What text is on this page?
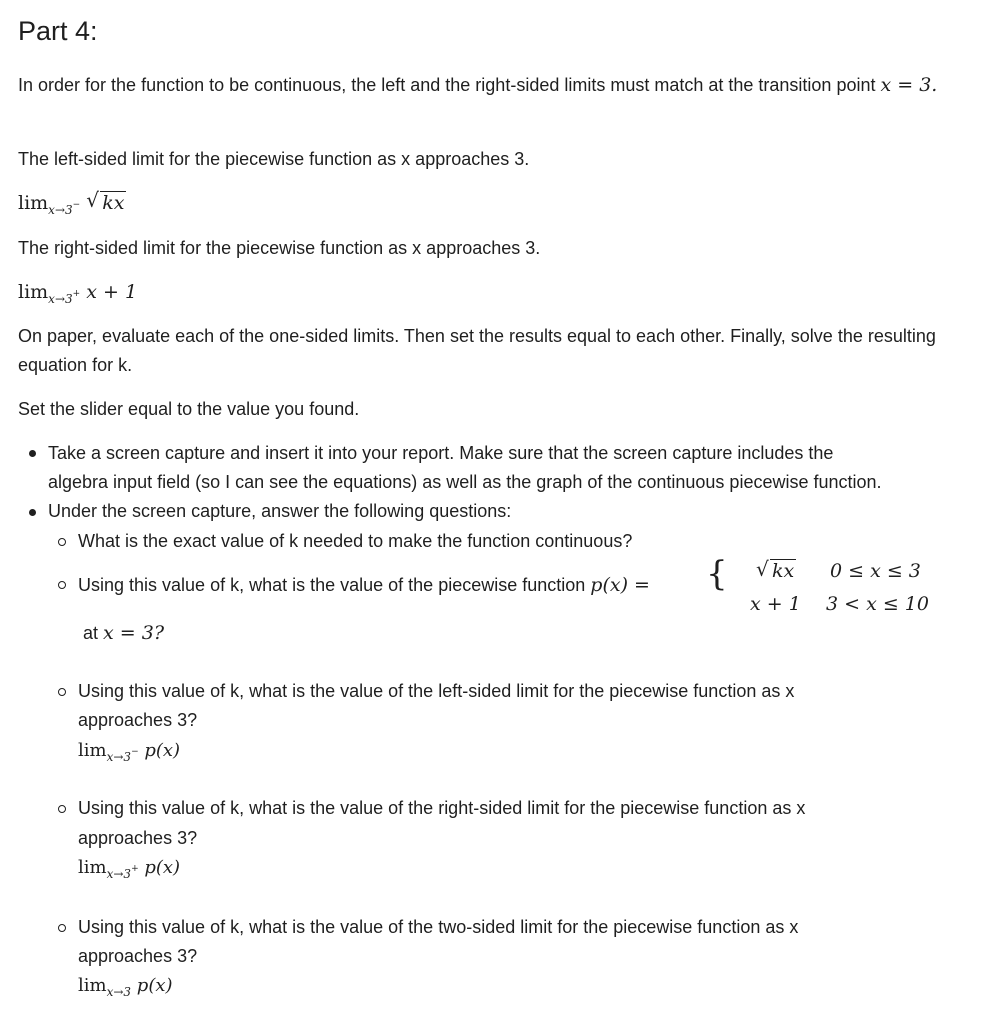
Part 4:

In order for the function to be continuous, the left and the right-sided limits must match at the transition point x = 3.

The left-sided limit for the piecewise function as x approaches 3.

$\lim_{x\to 3^-}$ √ kx

The right-sided limit for the piecewise function as x approaches 3.

$\lim_{x\to 3^+} x + 1$

On paper, evaluate each of the one-sided limits. Then set the results equal to each other. Finally, solve the resulting equation for k.

Set the slider equal to the value you found.

Take a screen capture and insert it into your report. Make sure that the screen capture includes the

algebra input field (so I can see the equations) as well as the graph of the continuous piecewise function.

Under the screen capture, answer the following questions:

What is the exact value of k needed to make the function continuous?

Using this value of k, what is the value of the piecewise function p(x) = { √ kx 0 ≤ x ≤ 3
x + 1 3 < x ≤ 10

at x = 3?

Using this value of k, what is the value of the left-sided limit for the piecewise function as x

approaches 3?

$\lim_{x\to 3^-} p(x)$

Using this value of k, what is the value of the right-sided limit for the piecewise function as x

approaches 3?

$\lim_{x\to 3^+} p(x)$

Using this value of k, what is the value of the two-sided limit for the piecewise function as x

approaches 3?

$\lim_{x\to 3} p(x)$
